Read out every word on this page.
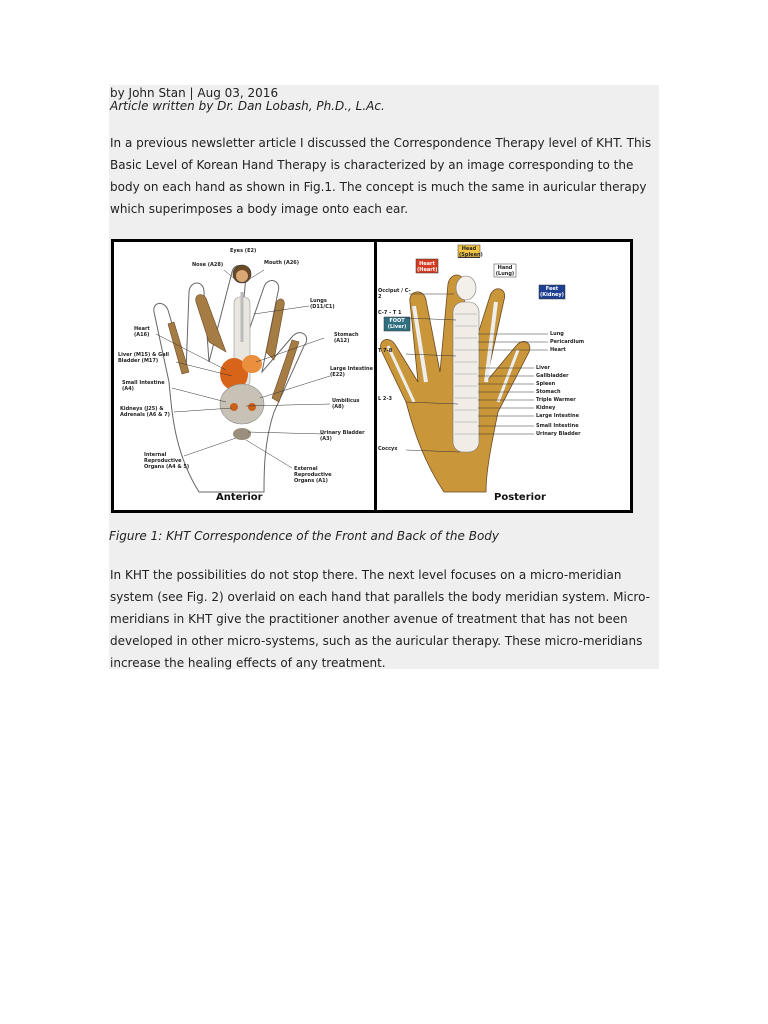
by John Stan | Aug 03, 2016
Article written by Dr. Dan Lobash, Ph.D., L.Ac.
In a previous newsletter article I discussed the Correspondence Therapy level of KHT. This Basic Level of Korean Hand Therapy is characterized by an image corresponding to the body on each hand as shown in Fig.1. The concept is much the same in auricular therapy which superimposes a body image onto each ear.
Eyes (E2)
Nose (A28)	Mouth (A26)
Lungs (D11/C1)
Heart (A16)	Stomach (A12)
Liver (M15) & Gall Bladder (M17)
Large Intestine (E22)
Small Intestine (A4)
Umbilicus (A8)
Kidneys (J25) & Adrenals (A6 & 7)
Urinary Bladder (A3)
Internal Reproductive Organs (A4 & 5)	External Reproductive Organs (A1)
Anterior
Head (Spleen)
Heart (Heart)	Hand (Lung)
Feet (Kidney)
FOOT (Liver)
Occiput / C-2
C-7 - T 1
T 7-8
L 2-3
Coccyx
Lung
Pericardium
Heart
Liver
Gallbladder
Spleen
Stomach
Triple Warmer
Kidney
Large Intestine
Small Intestine
Urinary Bladder
Posterior
Figure 1: KHT Correspondence of the Front and Back of the Body
In KHT the possibilities do not stop there. The next level focuses on a micro-meridian system (see Fig. 2) overlaid on each hand that parallels the body meridian system. Micro-meridians in KHT give the practitioner another avenue of treatment that has not been developed in other micro-systems, such as the auricular therapy. These micro-meridians increase the healing effects of any treatment.
